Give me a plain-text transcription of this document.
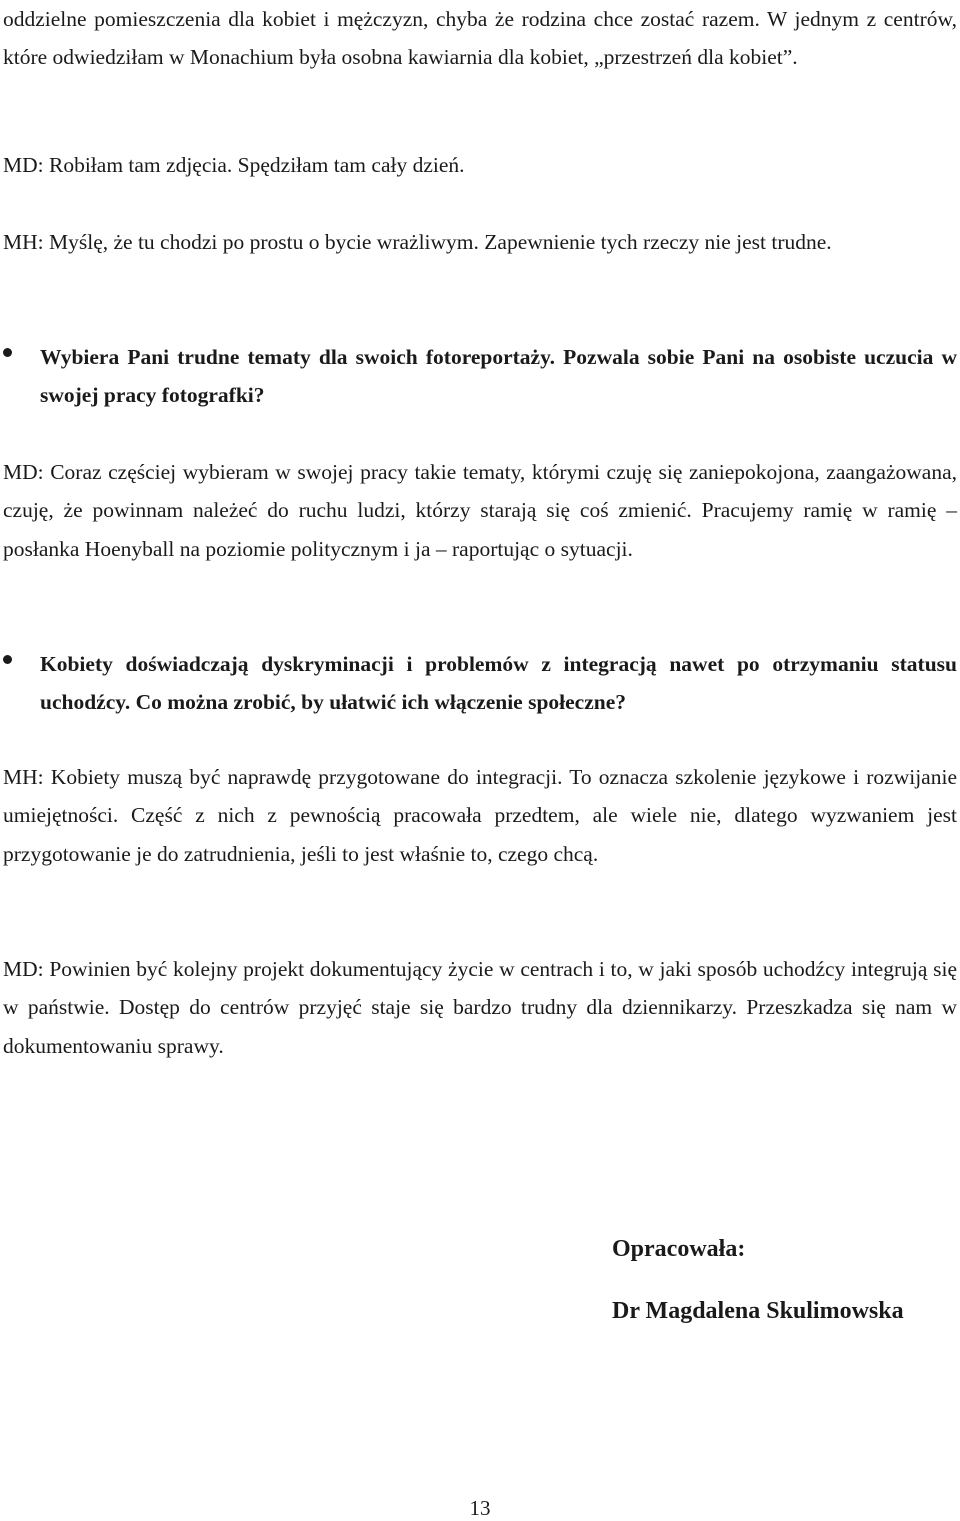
oddzielne pomieszczenia dla kobiet i mężczyzn, chyba że rodzina chce zostać razem. W jednym z centrów, które odwiedziłam w Monachium była osobna kawiarnia dla kobiet, „przestrzeń dla kobiet”.

MD: Robiłam tam zdjęcia. Spędziłam tam cały dzień.

MH: Myślę, że tu chodzi po prostu o bycie wrażliwym. Zapewnienie tych rzeczy nie jest trudne.

Wybiera Pani trudne tematy dla swoich fotoreportaży. Pozwala sobie Pani na osobiste uczucia w swojej pracy fotografki?

MD: Coraz częściej wybieram w swojej pracy takie tematy, którymi czuję się zaniepokojona, zaangażowana, czuję, że powinnam należeć do ruchu ludzi, którzy starają się coś zmienić. Pracujemy ramię w ramię – posłanka Hoenyball na poziomie politycznym i ja – raportując o sytuacji.

Kobiety doświadczają dyskryminacji i problemów z integracją nawet po otrzymaniu statusu uchodźcy. Co można zrobić, by ułatwić ich włączenie społeczne?

MH: Kobiety muszą być naprawdę przygotowane do integracji. To oznacza szkolenie językowe i rozwijanie umiejętności. Część z nich z pewnością pracowała przedtem, ale wiele nie, dlatego wyzwaniem jest przygotowanie je do zatrudnienia, jeśli to jest właśnie to, czego chcą.

MD: Powinien być kolejny projekt dokumentujący życie w centrach i to, w jaki sposób uchodźcy integrują się w państwie. Dostęp do centrów przyjęć staje się bardzo trudny dla dziennikarzy. Przeszkadza się nam w dokumentowaniu sprawy.

Opracowała:

Dr Magdalena Skulimowska

13
